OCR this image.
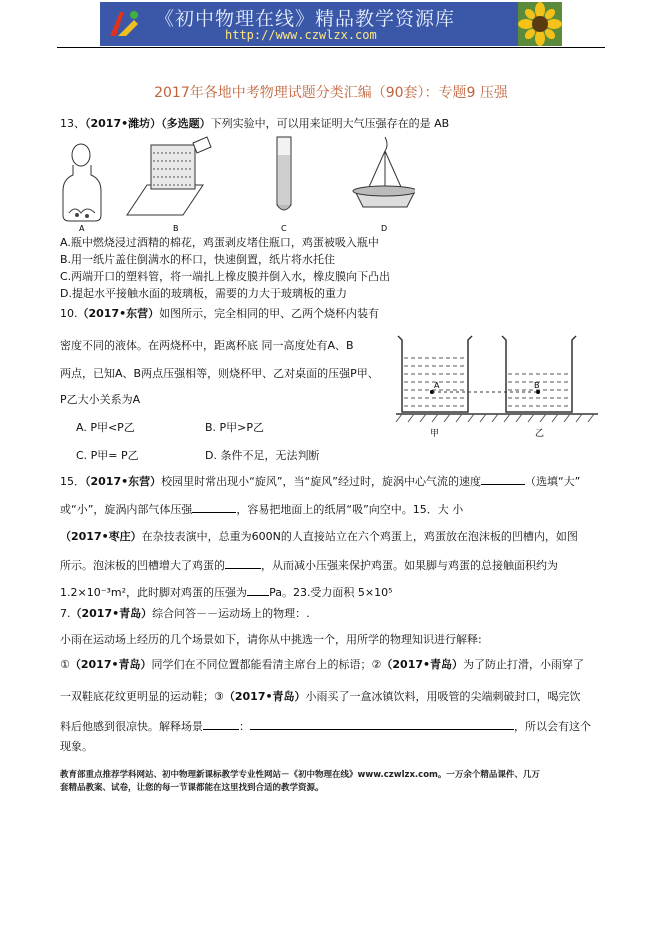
《初中物理在线》精品教学资源库
http://www.czwlzx.com
2017年各地中考物理试题分类汇编（90套）：专题9 压强
13、（2017•潍坊）（多选题）下列实验中，可以用来证明大气压强存在的是 AB
A	B	C	D
A.瓶中燃烧浸过酒精的棉花，鸡蛋剥皮堵住瓶口，鸡蛋被吸入瓶中
B.用一纸片盖住倒满水的杯口，快速倒置，纸片将水托住
C.两端开口的塑料管，将一端扎上橡皮膜并倒入水，橡皮膜向下凸出
D.提起水平接触水面的玻璃板，需要的力大于玻璃板的重力
10.（2017•东营）如图所示，完全相同的甲、乙两个烧杯内装有
密度不同的液体。在两烧杯中，距离杯底 同一高度处有A、B
两点，已知A、B两点压强相等，则烧杯甲、乙对桌面的压强P甲、
P乙大小关系为A
A. P甲<P乙	B. P甲>P乙
C. P甲= P乙	D. 条件不足，无法判断
A	B
甲	乙
15．（2017•东营）校园里时常出现小“旋风”，当“旋风”经过时，旋涡中心气流的速度	（选填“大”
或“小”，旋涡内部气体压强	，容易把地面上的纸屑“吸”向空中。15．大 小
（2017•枣庄）在杂技表演中，总重为600N的人直接站立在六个鸡蛋上，鸡蛋放在泡沫板的凹槽内，如图
所示。泡沫板的凹槽增大了鸡蛋的	，从而减小压强来保护鸡蛋。如果脚与鸡蛋的总接触面积约为
1.2×10⁻³m²，此时脚对鸡蛋的压强为 Pa。23.受力面积 5×10⁵
7.（2017•青岛）综合问答－－运动场上的物理：.
小雨在运动场上经历的几个场景如下，请你从中挑选一个，用所学的物理知识进行解释:
①（2017•青岛）同学们在不同位置都能看清主席台上的标语；②（2017•青岛）为了防止打滑，小雨穿了
一双鞋底花纹更明显的运动鞋；③（2017•青岛）小雨买了一盒冰镇饮料，用吸管的尖端刺破封口，喝完饮
料后他感到很凉快。解释场景	：	，所以会有这个
现象。
教育部重点推荐学科网站、初中物理新课标教学专业性网站－《初中物理在线》www.czwlzx.com。一万余个精品课件、几万
套精品教案、试卷，让您的每一节课都能在这里找到合适的教学资源。
